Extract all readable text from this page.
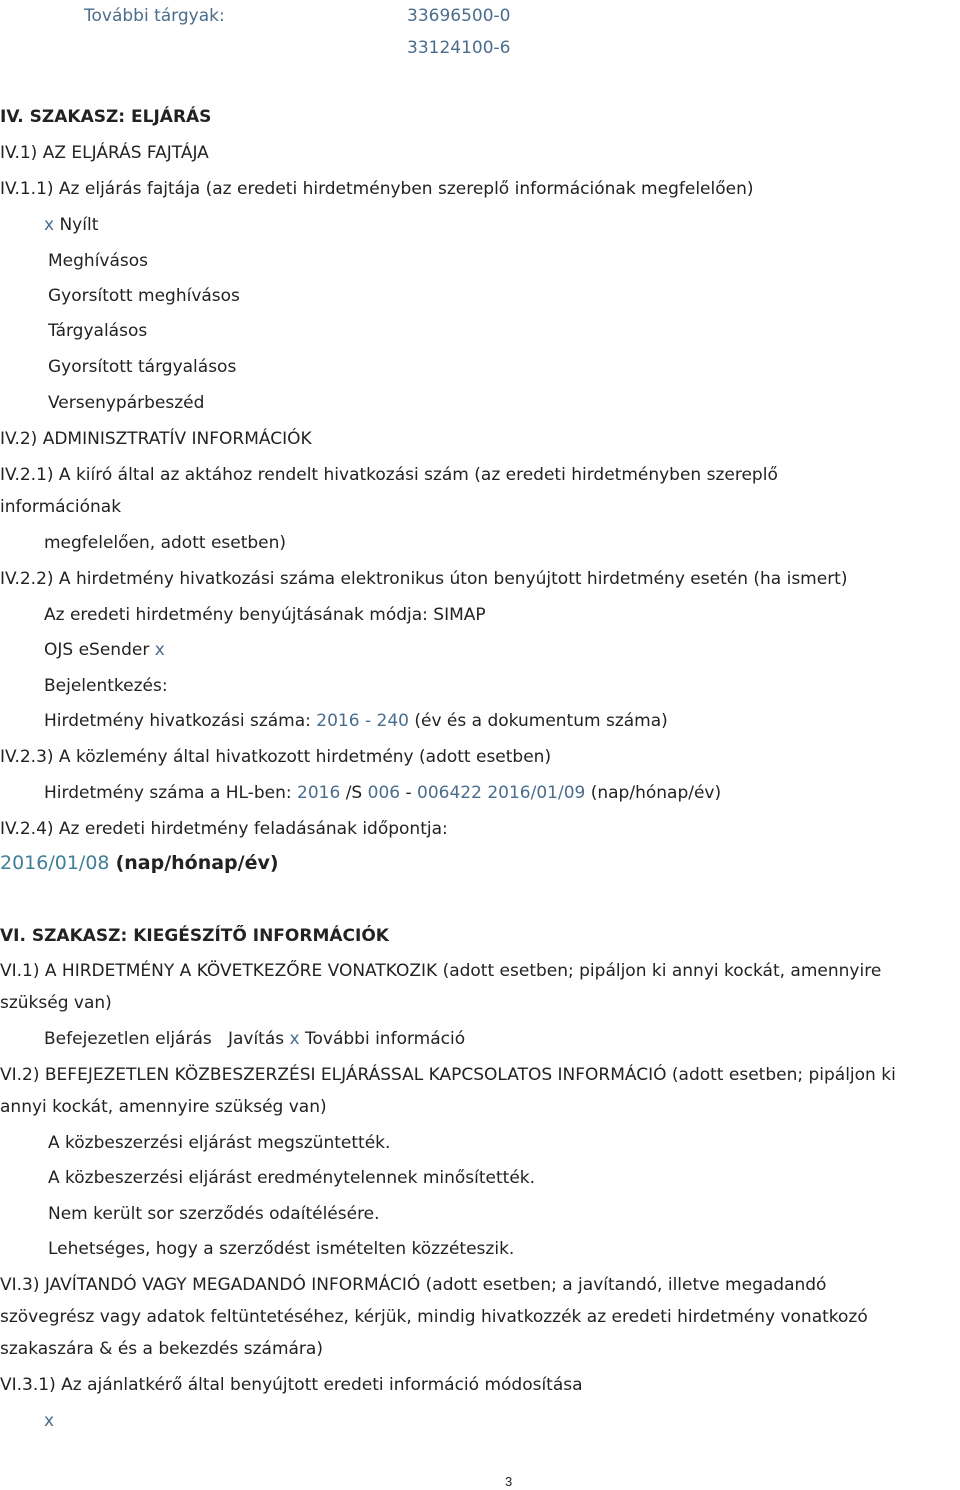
További tárgyak:	33696500-0
33124100-6
IV. SZAKASZ: ELJÁRÁS
IV.1) AZ ELJÁRÁS FAJTÁJA
IV.1.1) Az eljárás fajtája (az eredeti hirdetményben szereplő információnak megfelelően)
x Nyílt
Meghívásos
Gyorsított meghívásos
Tárgyalásos
Gyorsított tárgyalásos
Versenypárbeszéd
IV.2) ADMINISZTRATÍV INFORMÁCIÓK
IV.2.1) A kiíró által az aktához rendelt hivatkozási szám (az eredeti hirdetményben szereplő
információnak
megfelelően, adott esetben)
IV.2.2) A hirdetmény hivatkozási száma elektronikus úton benyújtott hirdetmény esetén (ha ismert)
Az eredeti hirdetmény benyújtásának módja: SIMAP
OJS eSender x
Bejelentkezés:
Hirdetmény hivatkozási száma: 2016 - 240 (év és a dokumentum száma)
IV.2.3) A közlemény által hivatkozott hirdetmény (adott esetben)
Hirdetmény száma a HL-ben: 2016 /S 006 - 006422 2016/01/09 (nap/hónap/év)
IV.2.4) Az eredeti hirdetmény feladásának időpontja:
2016/01/08 (nap/hónap/év)
VI. SZAKASZ: KIEGÉSZÍTŐ INFORMÁCIÓK
VI.1) A HIRDETMÉNY A KÖVETKEZŐRE VONATKOZIK (adott esetben; pipáljon ki annyi kockát, amennyire
szükség van)
Befejezetlen eljárás Javítás x További információ
VI.2) BEFEJEZETLEN KÖZBESZERZÉSI ELJÁRÁSSAL KAPCSOLATOS INFORMÁCIÓ (adott esetben; pipáljon ki
annyi kockát, amennyire szükség van)
A közbeszerzési eljárást megszüntették.
A közbeszerzési eljárást eredménytelennek minősítették.
Nem került sor szerződés odaítélésére.
Lehetséges, hogy a szerződést ismételten közzéteszik.
VI.3) JAVÍTANDÓ VAGY MEGADANDÓ INFORMÁCIÓ (adott esetben; a javítandó, illetve megadandó
szövegrész vagy adatok feltüntetéséhez, kérjük, mindig hivatkozzék az eredeti hirdetmény vonatkozó
szakaszára & és a bekezdés számára)
VI.3.1) Az ajánlatkérő által benyújtott eredeti információ módosítása
x
3
